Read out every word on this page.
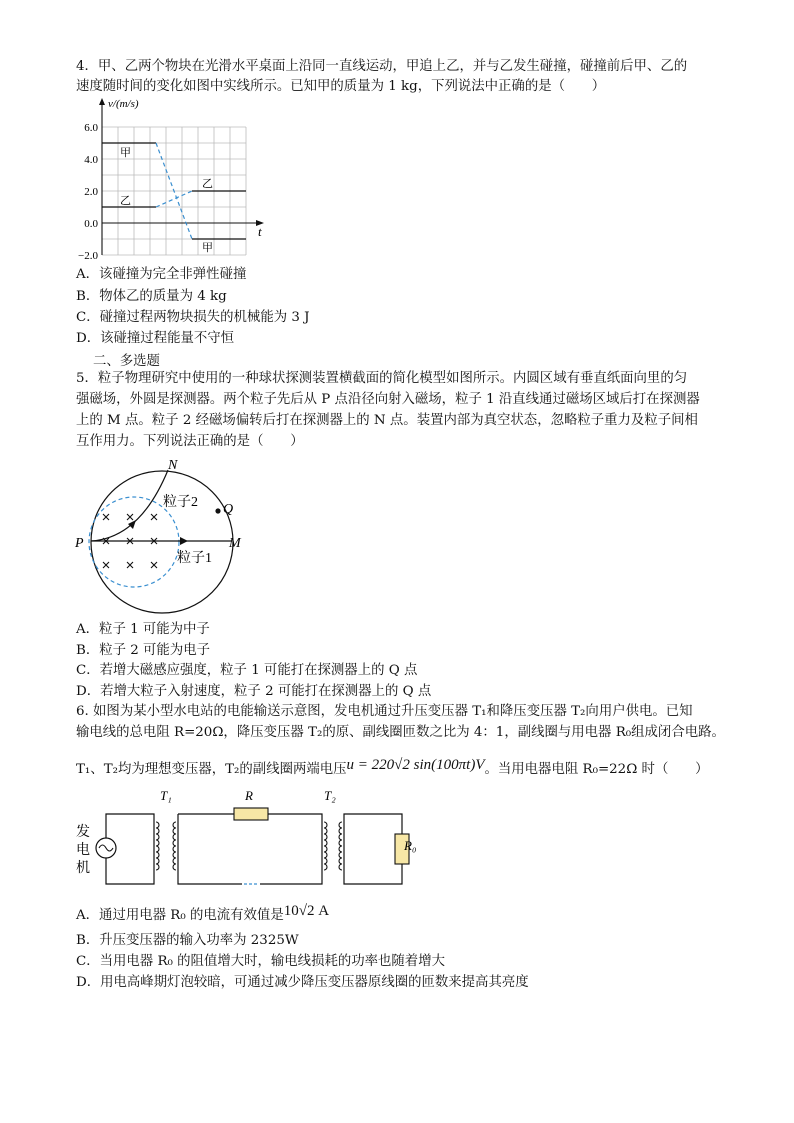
4．甲、乙两个物块在光滑水平桌面上沿同一直线运动，甲追上乙，并与乙发生碰撞，碰撞前后甲、乙的
速度随时间的变化如图中实线所示。已知甲的质量为 1 kg，下列说法中正确的是（　　）
6.0
4.0
2.0
0.0
−2.0
v/(m/s)
t
甲
乙
乙
甲
A．该碰撞为完全非弹性碰撞
B．物体乙的质量为 4 kg
C．碰撞过程两物块损失的机械能为 3 J
D．该碰撞过程能量不守恒
二、多选题
5．粒子物理研究中使用的一种球状探测装置横截面的简化模型如图所示。内圆区域有垂直纸面向里的匀
强磁场，外圆是探测器。两个粒子先后从 P 点沿径向射入磁场，粒子 1 沿直线通过磁场区域后打在探测器
上的 M 点。粒子 2 经磁场偏转后打在探测器上的 N 点。装置内部为真空状态，忽略粒子重力及粒子间相
互作用力。下列说法正确的是（　　）
N
Q
P	M
粒子2
粒子1
A．粒子 1 可能为中子
B．粒子 2 可能为电子
C．若增大磁感应强度，粒子 1 可能打在探测器上的 Q 点
D．若增大粒子入射速度，粒子 2 可能打在探测器上的 Q 点
6. 如图为某小型水电站的电能输送示意图，发电机通过升压变压器 T₁和降压变压器 T₂向用户供电。已知
输电线的总电阻 R=20Ω，降压变压器 T₂的原、副线圈匝数之比为 4：1，副线圈与用电器 R₀组成闭合电路。
T₁、T₂均为理想变压器，T₂的副线圈两端电压u = 220√2 sin(100πt)V。当用电器电阻 R₀=22Ω 时（　　）
T₁	R	T₂
R₀
发
电
机
A．通过用电器 R₀ 的电流有效值是10√2 A
B．升压变压器的输入功率为 2325W
C．当用电器 R₀ 的阻值增大时，输电线损耗的功率也随着增大
D．用电高峰期灯泡较暗，可通过减少降压变压器原线圈的匝数来提高其亮度
